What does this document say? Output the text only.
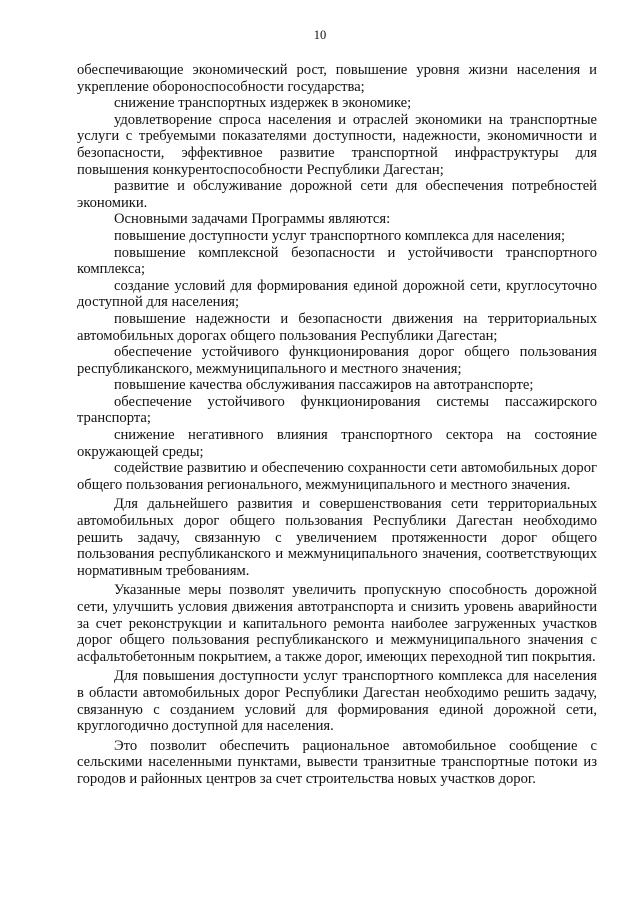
10

обеспечивающие экономический рост, повышение уровня жизни населения и укрепление обороноспособности государства;

снижение транспортных издержек в экономике;

удовлетворение спроса населения и отраслей экономики на транспортные услуги с требуемыми показателями доступности, надежности, экономичности и безопасности, эффективное развитие транспортной инфраструктуры для повышения конкурентоспособности Республики Дагестан;

развитие и обслуживание дорожной сети для обеспечения потребностей экономики.

Основными задачами Программы являются:

повышение доступности услуг транспортного комплекса для населения;

повышение комплексной безопасности и устойчивости транспортного комплекса;

создание условий для формирования единой дорожной сети, круглосуточно доступной для населения;

повышение надежности и безопасности движения на территориальных автомобильных дорогах общего пользования Республики Дагестан;

обеспечение устойчивого функционирования дорог общего пользования республиканского, межмуниципального и местного значения;

повышение качества обслуживания пассажиров на автотранспорте;

обеспечение устойчивого функционирования системы пассажирского транспорта;

снижение негативного влияния транспортного сектора на состояние окружающей среды;

содействие развитию и обеспечению сохранности сети автомобильных дорог общего пользования регионального, межмуниципального и местного значения.

Для дальнейшего развития и совершенствования сети территориальных автомобильных дорог общего пользования Республики Дагестан необходимо решить задачу, связанную с увеличением протяженности дорог общего пользования республиканского и межмуниципального значения, соответствующих нормативным требованиям.

Указанные меры позволят увеличить пропускную способность дорожной сети, улучшить условия движения автотранспорта и снизить уровень аварийности за счет реконструкции и капитального ремонта наиболее загруженных участков дорог общего пользования республиканского и межмуниципального значения с асфальтобетонным покрытием, а также дорог, имеющих переходной тип покрытия.

Для повышения доступности услуг транспортного комплекса для населения в области автомобильных дорог Республики Дагестан необходимо решить задачу, связанную с созданием условий для формирования единой дорожной сети, круглогодично доступной для населения.

Это позволит обеспечить рациональное автомобильное сообщение с сельскими населенными пунктами, вывести транзитные транспортные потоки из городов и районных центров за счет строительства новых участков дорог.
